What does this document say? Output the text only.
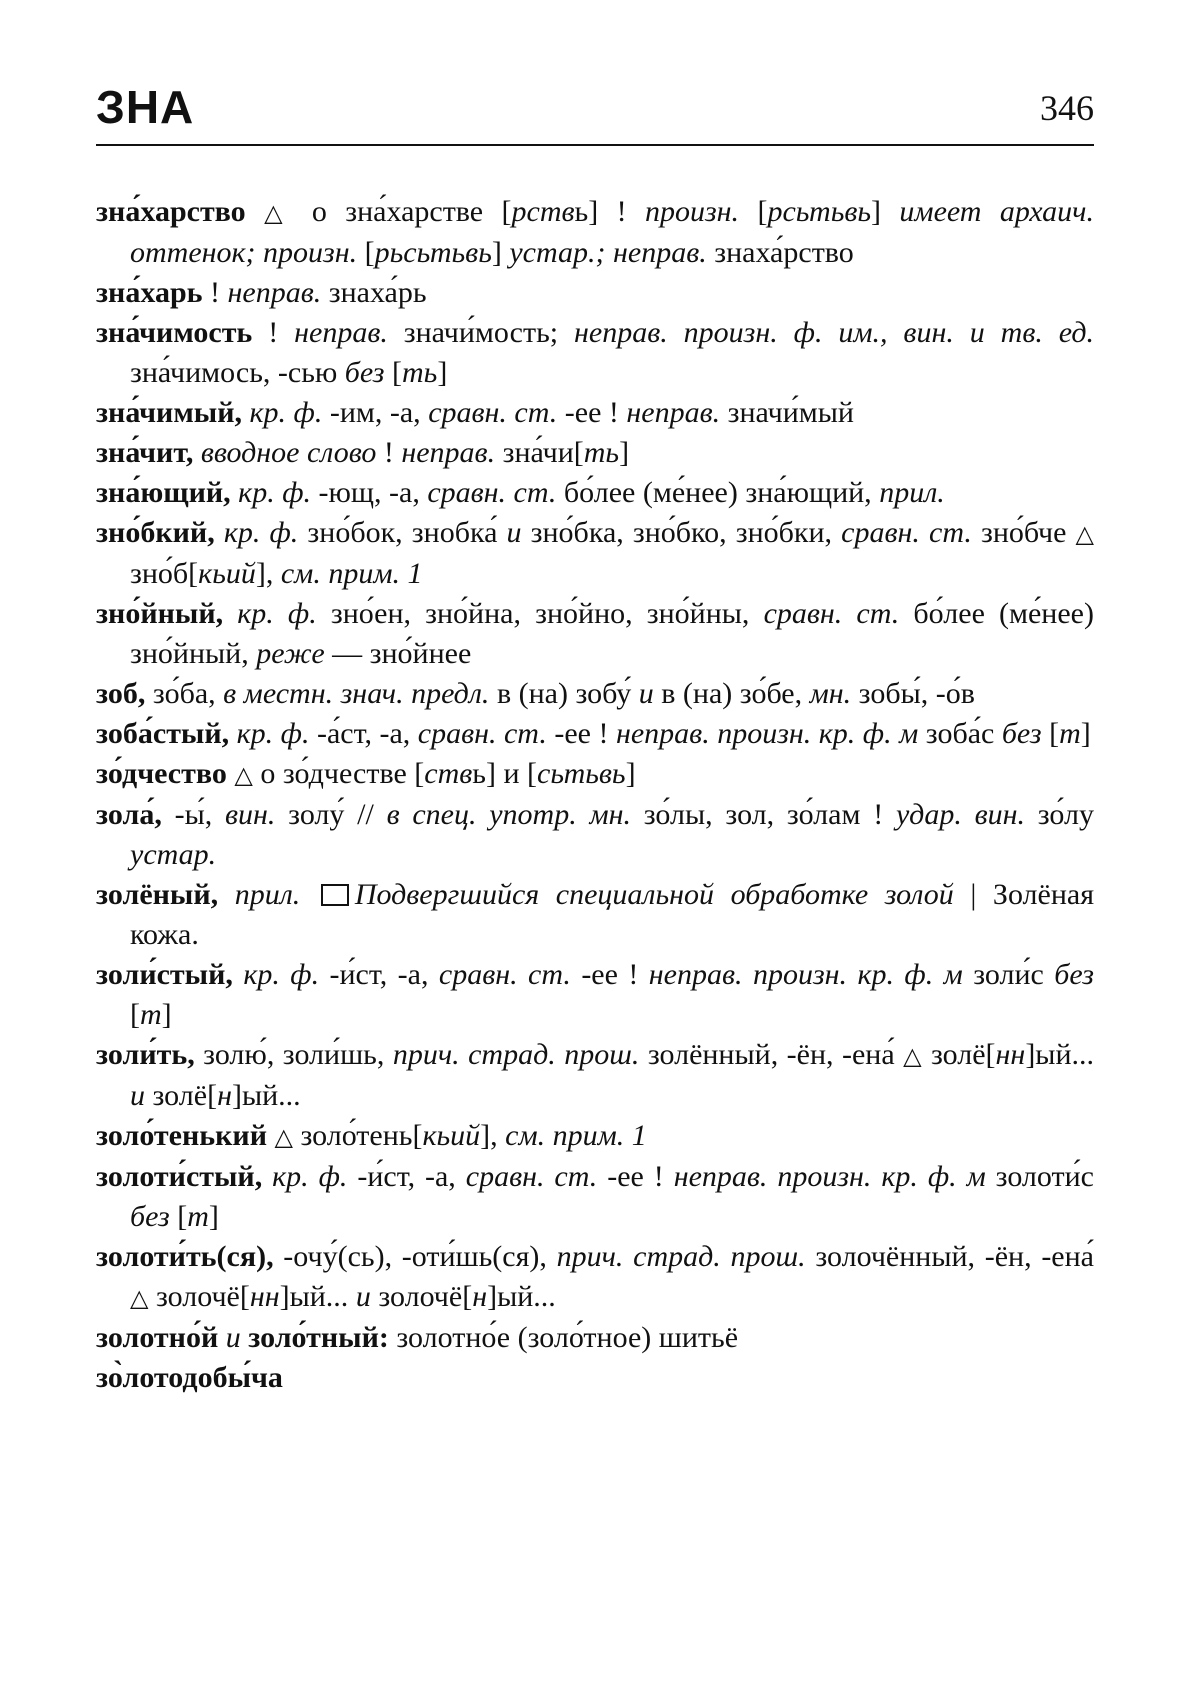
ЗНА	346
зна́харство △ о зна́харстве [рствь] ! произн. [рсьтьвь] имеет архаич. оттенок; произн. [рьсьтьвь] устар.; неправ. знаха́рство
зна́харь ! неправ. знаха́рь
зна́чимость ! неправ. значи́мость; неправ. произн. ф. им., вин. и тв. ед. зна́чимось, -сью без [ть]
зна́чимый, кр. ф. -им, -а, сравн. ст. -ее ! неправ. значи́мый
зна́чит, вводное слово ! неправ. зна́чи[ть]
зна́ющий, кр. ф. -ющ, -а, сравн. ст. бо́лее (ме́нее) зна́ющий, прил.
зно́бкий, кр. ф. зно́бок, знобка́ и зно́бка, зно́бко, зно́бки, сравн. ст. зно́бче △ зно́б[кьий], см. прим. 1
зно́йный, кр. ф. зно́ен, зно́йна, зно́йно, зно́йны, сравн. ст. бо́лее (ме́нее) зно́йный, реже — зно́йнее
зоб, зо́ба, в местн. знач. предл. в (на) зобу́ и в (на) зо́бе, мн. зобы́, -о́в
зоба́стый, кр. ф. -а́ст, -а, сравн. ст. -ее ! неправ. произн. кр. ф. м зоба́с без [т]
зо́дчество △ о зо́дчестве [ствь] и [сьтьвь]
зола́, -ы́, вин. золу́ // в спец. употр. мн. зо́лы, зол, зо́лам ! удар. вин. зо́лу устар.
золёный, прил. Подвергшийся специальной обработке золой | Золёная кожа.
золи́стый, кр. ф. -и́ст, -а, сравн. ст. -ее ! неправ. произн. кр. ф. м золи́с без [т]
золи́ть, золю́, золи́шь, прич. страд. прош. золённый, -ён, -ена́ △ золё[нн]ый... и золё[н]ый...
золо́тенький △ золо́тень[кьий], см. прим. 1
золоти́стый, кр. ф. -и́ст, -а, сравн. ст. -ее ! неправ. произн. кр. ф. м золоти́с без [т]
золоти́ть(ся), -очу́(сь), -оти́шь(ся), прич. страд. прош. золочённый, -ён, -ена́ △ золочё[нн]ый... и золочё[н]ый...
золотно́й и золо́тный: золотно́е (золо́тное) шитьё
зо̀лотодобы́ча
